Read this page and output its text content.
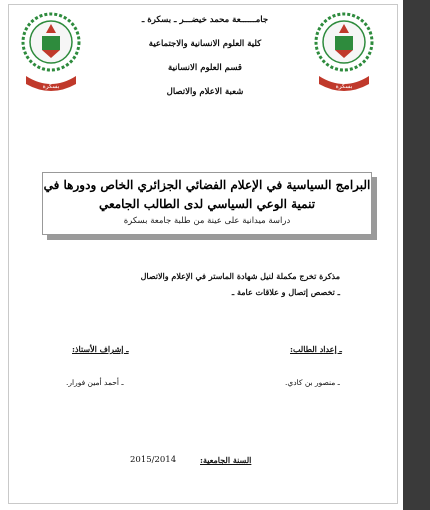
بسكرة	بسكرة
جامــــــعة محمد خيضـــر ـ بسكرة ـ
كلية العلوم الانسانية والاجتماعية
قسم العلوم الانسانية
شعبة الاعلام والاتصال
البرامج السياسية في الإعلام الفضائي الجزائري الخاص ودورها في تنمية الوعي السياسي لدى الطالب الجامعي
دراسة ميدانية على عينة من طلبة جامعة بسكرة
مذكرة تخرج مكملة لنيل شهادة الماستر في الإعلام والاتصال
ـ تخصص إتصال و علاقات عامة ـ
ـ إعداد الطالب:
ـ إشراف الأستاذ:
ـ منصور بن كادي.
ـ أحمد أمين فورار.
السنة الجامعية:
2015/2014
